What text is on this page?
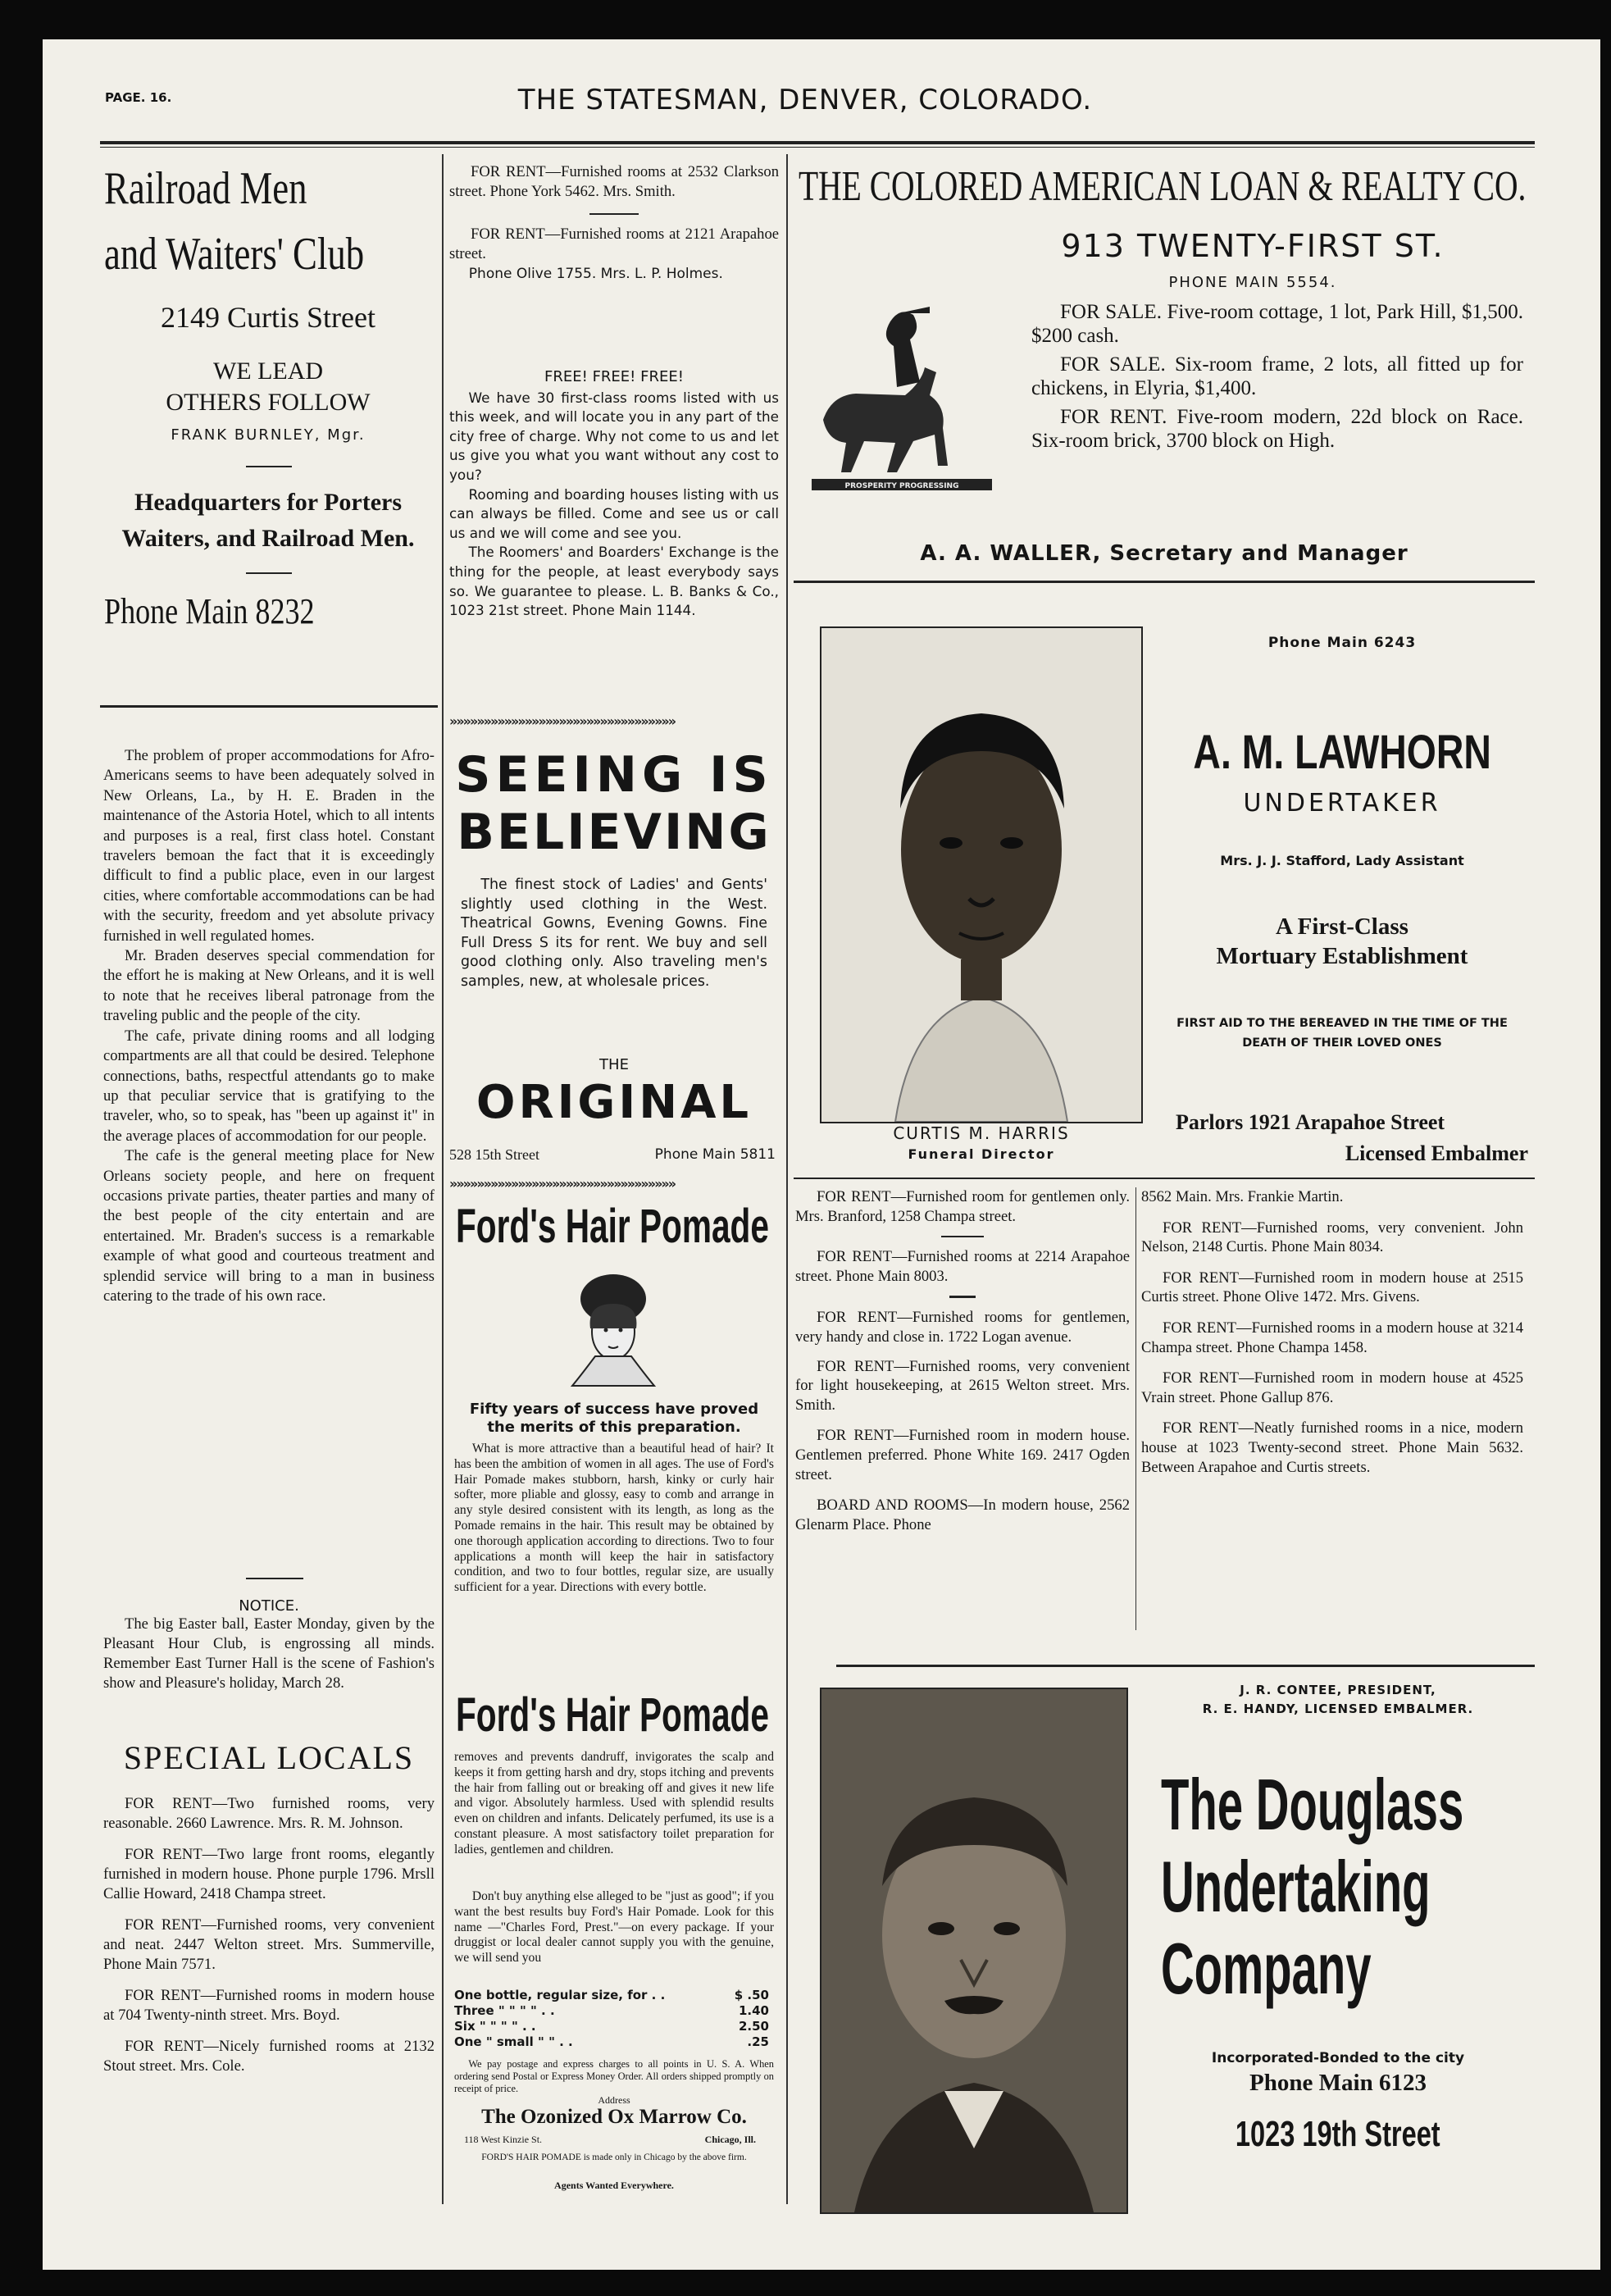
PAGE. 16.	THE STATESMAN, DENVER, COLORADO.
Railroad Men
and Waiters' Club
2149 Curtis Street
WE LEAD
OTHERS FOLLOW
FRANK BURNLEY, Mgr.
Headquarters for Porters
Waiters, and Railroad Men.
Phone Main 8232

The problem of proper accommodations for Afro-Americans seems to have been adequately solved in New Orleans, La., by H. E. Braden in the maintenance of the Astoria Hotel, which to all intents and purposes is a real, first class hotel. Constant travelers bemoan the fact that it is exceedingly difficult to find a public place, even in our largest cities, where comfortable accommodations can be had with the security, freedom and yet absolute privacy furnished in well regulated homes.

Mr. Braden deserves special commendation for the effort he is making at New Orleans, and it is well to note that he receives liberal patronage from the traveling public and the people of the city.

The cafe, private dining rooms and all lodging compartments are all that could be desired. Telephone connections, baths, respectful attendants go to make up that peculiar service that is gratifying to the traveler, who, so to speak, has "been up against it" in the average places of accommodation for our people.

The cafe is the general meeting place for New Orleans society people, and here on frequent occasions private parties, theater parties and many of the best people of the city entertain and are entertained. Mr. Braden's success is a remarkable example of what good and courteous treatment and splendid service will bring to a man in business catering to the trade of his own race.

NOTICE.

The big Easter ball, Easter Monday, given by the Pleasant Hour Club, is engrossing all minds. Remember East Turner Hall is the scene of Fashion's show and Pleasure's holiday, March 28.

SPECIAL LOCALS

FOR RENT—Two furnished rooms, very reasonable. 2660 Lawrence. Mrs. R. M. Johnson.

FOR RENT—Two large front rooms, elegantly furnished in modern house. Phone purple 1796. Mrsll Callie Howard, 2418 Champa street.

FOR RENT—Furnished rooms, very convenient and neat. 2447 Welton street. Mrs. Summerville, Phone Main 7571.

FOR RENT—Furnished rooms in modern house at 704 Twenty-ninth street. Mrs. Boyd.

FOR RENT—Nicely furnished rooms at 2132 Stout street. Mrs. Cole.

FOR RENT—Furnished rooms at 2532 Clarkson street. Phone York 5462. Mrs. Smith.

FOR RENT—Furnished rooms at 2121 Arapahoe street.

Phone Olive 1755. Mrs. L. P. Holmes.

FREE! FREE! FREE!

We have 30 first-class rooms listed with us this week, and will locate you in any part of the city free of charge. Why not come to us and let us give you what you want without any cost to you?

Rooming and boarding houses listing with us can always be filled. Come and see us or call us and we will come and see you.

The Roomers' and Boarders' Exchange is the thing for the people, at least everybody says so. We guarantee to please. L. B. Banks & Co., 1023 21st street. Phone Main 1144.

»»»»»»»»»»»»»»»»»»»»»»»»»»»»»»»»»
SEEING IS
BELIEVING

The finest stock of Ladies' and Gents' slightly used clothing in the West. Theatrical Gowns, Evening Gowns. Fine Full Dress S its for rent. We buy and sell good clothing only. Also traveling men's samples, new, at wholesale prices.

THE
ORIGINAL
528 15th Street	Phone Main 5811
»»»»»»»»»»»»»»»»»»»»»»»»»»»»»»»»»
Ford's Hair Pomade
Fifty years of success have proved the merits of this preparation.

What is more attractive than a beautiful head of hair? It has been the ambition of women in all ages. The use of Ford's Hair Pomade makes stubborn, harsh, kinky or curly hair softer, more pliable and glossy, easy to comb and arrange in any style desired consistent with its length, as long as the Pomade remains in the hair. This result may be obtained by one thorough application according to directions. Two to four applications a month will keep the hair in satisfactory condition, and two to four bottles, regular size, are usually sufficient for a year. Directions with every bottle.

Ford's Hair Pomade

removes and prevents dandruff, invigorates the scalp and keeps it from getting harsh and dry, stops itching and prevents the hair from falling out or breaking off and gives it new life and vigor. Absolutely harmless. Used with splendid results even on children and infants. Delicately perfumed, its use is a constant pleasure. A most satisfactory toilet preparation for ladies, gentlemen and children.

Don't buy anything else alleged to be "just as good"; if you want the best results buy Ford's Hair Pomade. Look for this name —"Charles Ford, Prest."—on every package. If your druggist or local dealer cannot supply you with the genuine, we will send you

One bottle, regular size, for . .	$ .50
Three " " " " . .	1.40
Six " " " " . .	2.50
One " small " " . .	.25

We pay postage and express charges to all points in U. S. A. When ordering send Postal or Express Money Order. All orders shipped promptly on receipt of price.

Address
The Ozonized Ox Marrow Co.
118 West Kinzie St.	Chicago, Ill.
FORD'S HAIR POMADE is made only in Chicago by the above firm.
Agents Wanted Everywhere.
THE COLORED AMERICAN LOAN & REALTY CO.
913 TWENTY-FIRST ST.
PHONE MAIN 5554.
PROSPERITY PROGRESSING

FOR SALE. Five-room cottage, 1 lot, Park Hill, $1,500. $200 cash.

FOR SALE. Six-room frame, 2 lots, all fitted up for chickens, in Elyria, $1,400.

FOR RENT. Five-room modern, 22d block on Race. Six-room brick, 3700 block on High.

A. A. WALLER, Secretary and Manager
CURTIS M. HARRIS
Funeral Director
Phone Main 6243
A. M. LAWHORN
UNDERTAKER
Mrs. J. J. Stafford, Lady Assistant
A First-Class
Mortuary Establishment
FIRST AID TO THE BEREAVED IN THE TIME OF THE DEATH OF THEIR LOVED ONES
Parlors 1921 Arapahoe Street
Licensed Embalmer

FOR RENT—Furnished room for gentlemen only. Mrs. Branford, 1258 Champa street.

FOR RENT—Furnished rooms at 2214 Arapahoe street. Phone Main 8003.

FOR RENT—Furnished rooms for gentlemen, very handy and close in. 1722 Logan avenue.

FOR RENT—Furnished rooms, very convenient for light housekeeping, at 2615 Welton street. Mrs. Smith.

FOR RENT—Furnished room in modern house. Gentlemen preferred. Phone White 169. 2417 Ogden street.

BOARD AND ROOMS—In modern house, 2562 Glenarm Place. Phone

8562 Main. Mrs. Frankie Martin.

FOR RENT—Furnished rooms, very convenient. John Nelson, 2148 Curtis. Phone Main 8034.

FOR RENT—Furnished room in modern house at 2515 Curtis street. Phone Olive 1472. Mrs. Givens.

FOR RENT—Furnished rooms in a modern house at 3214 Champa street. Phone Champa 1458.

FOR RENT—Furnished room in modern house at 4525 Vrain street. Phone Gallup 876.

FOR RENT—Neatly furnished rooms in a nice, modern house at 1023 Twenty-second street. Phone Main 5632. Between Arapahoe and Curtis streets.

J. R. CONTEE, PRESIDENT,
R. E. HANDY, LICENSED EMBALMER.
The Douglass
Undertaking
Company
Incorporated-Bonded to the city
Phone Main 6123
1023 19th Street
